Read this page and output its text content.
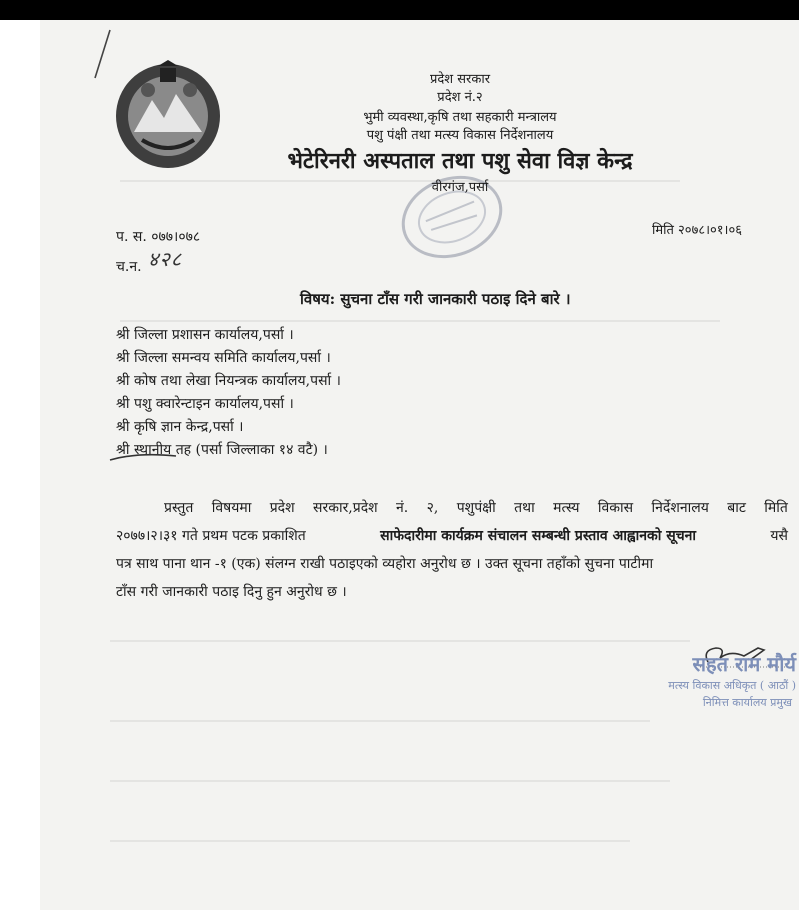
प्रदेश सरकार
प्रदेश नं.२
भुमी व्यवस्था,कृषि तथा सहकारी मन्त्रालय
पशु पंक्षी तथा मत्स्य विकास निर्देशनालय
भेटेरिनरी अस्पताल तथा पशु सेवा विज्ञ केन्द्र
वीरगंज,पर्सा
प. स. ०७७।०७८	मिति २०७८।०१।०६
च.न. ४२८
विषय: सुचना टाँस गरी जानकारी पठाइ दिने बारे ।
श्री जिल्ला प्रशासन कार्यालय,पर्सा ।
श्री जिल्ला समन्वय समिति कार्यालय,पर्सा ।
श्री कोष तथा लेखा नियन्त्रक कार्यालय,पर्सा ।
श्री पशु क्वारेन्टाइन कार्यालय,पर्सा ।
श्री कृषि ज्ञान केन्द्र,पर्सा ।
श्री स्थानीय तह (पर्सा जिल्लाका १४ वटै) ।
प्रस्तुत विषयमा प्रदेश सरकार,प्रदेश नं. २, पशुपंक्षी तथा मत्स्य विकास निर्देशनालय बाट मिति
२०७७।२।३१ गते प्रथम पटक प्रकाशित	साफेदारीमा कार्यक्रम संचालन सम्बन्धी प्रस्ताव आह्वानको सूचना	यसै
पत्र साथ पाना थान -१ (एक) संलग्न राखी पठाइएको व्यहोरा अनुरोध छ । उक्त सूचना तहाँको सुचना पाटीमा
टाँस गरी जानकारी पठाइ दिनु हुन अनुरोध छ ।
सहत राम मौर्य
मत्स्य विकास अधिकृत ( आठौं )
निमित्त कार्यालय प्रमुख
